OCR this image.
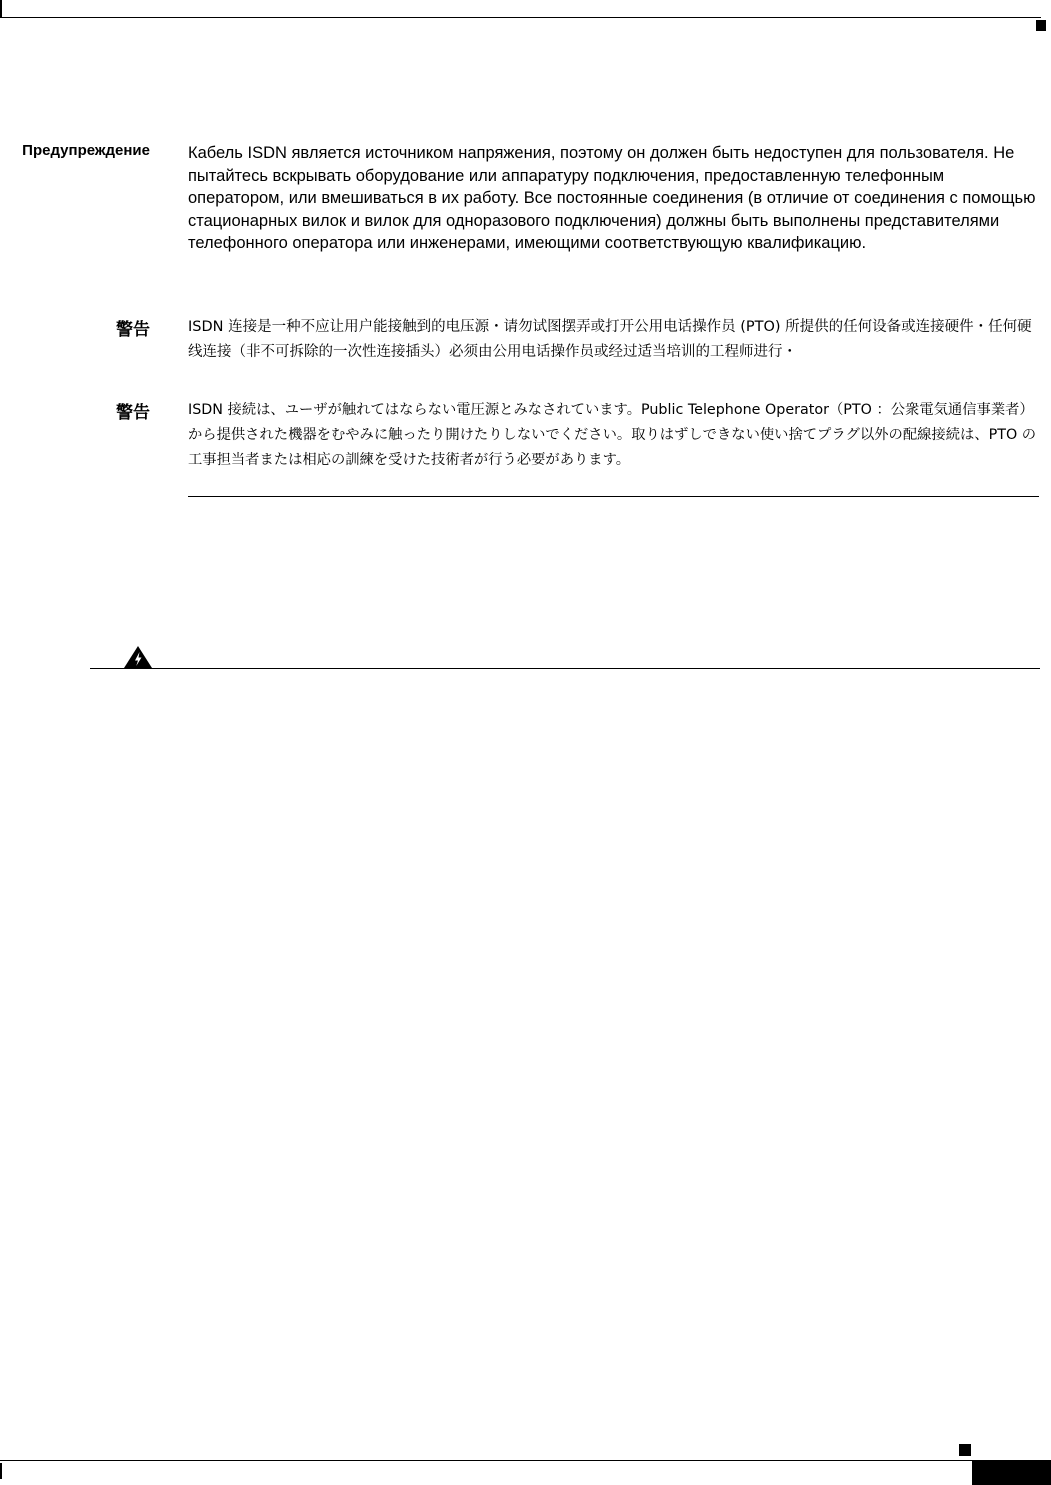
Предупреждение Кабель ISDN является источником напряжения, поэтому он должен быть недоступен для пользователя. Не пытайтесь вскрывать оборудование или аппаратуру подключения, предоставленную телефонным оператором, или вмешиваться в их работу. Все постоянные соединения (в отличие от соединения с помощью стационарных вилок и вилок для одноразового подключения) должны быть выполнены представителями телефонного оператора или инженерами, имеющими соответствующую квалификацию.
警告	ISDN 连接是一种不应让用户能接触到的电压源・请勿试图摆弄或打开公用电话操作员 (PTO) 所提供的任何设备或连接硬件・任何硬线连接（非不可拆除的一次性连接插头）必须由公用电话操作员或经过适当培训的工程师进行・
警告	ISDN 接続は、ユーザが触れてはならない電圧源とみなされています。Public Telephone Operator（PTO ：公衆電気通信事業者）から提供された機器をむやみに触ったり開けたりしないでください。取りはずしできない使い捨てプラグ以外の配線接続は、PTO の工事担当者または相応の訓練を受けた技術者が行う必要があります。
